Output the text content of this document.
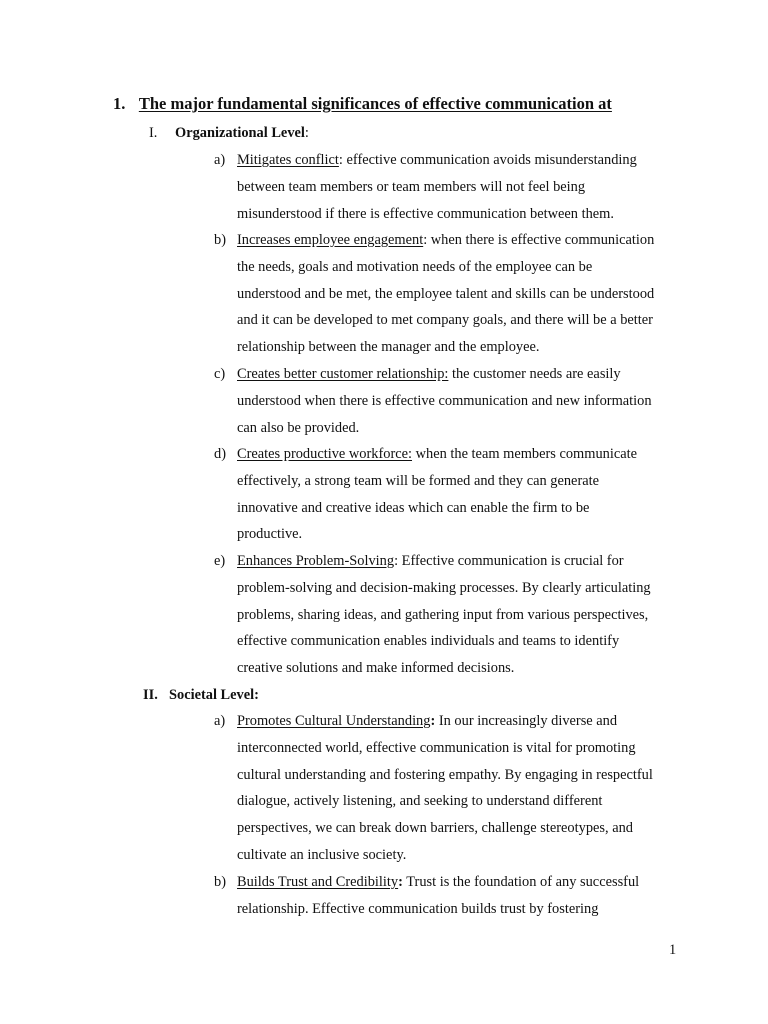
1. The major fundamental significances of effective communication at
I. Organizational Level:
a) Mitigates conflict: effective communication avoids misunderstanding
between team members or team members will not feel being
misunderstood if there is effective communication between them.
b) Increases employee engagement: when there is effective communication
the needs, goals and motivation needs of the employee can be
understood and be met, the employee talent and skills can be understood
and it can be developed to met company goals, and there will be a better
relationship between the manager and the employee.
c) Creates better customer relationship: the customer needs are easily
understood when there is effective communication and new information
can also be provided.
d) Creates productive workforce: when the team members communicate
effectively, a strong team will be formed and they can generate
innovative and creative ideas which can enable the firm to be
productive.
e) Enhances Problem-Solving: Effective communication is crucial for
problem-solving and decision-making processes. By clearly articulating
problems, sharing ideas, and gathering input from various perspectives,
effective communication enables individuals and teams to identify
creative solutions and make informed decisions.
II. Societal Level:
a) Promotes Cultural Understanding: In our increasingly diverse and
interconnected world, effective communication is vital for promoting
cultural understanding and fostering empathy. By engaging in respectful
dialogue, actively listening, and seeking to understand different
perspectives, we can break down barriers, challenge stereotypes, and
cultivate an inclusive society.
b) Builds Trust and Credibility: Trust is the foundation of any successful
relationship. Effective communication builds trust by fostering
1
